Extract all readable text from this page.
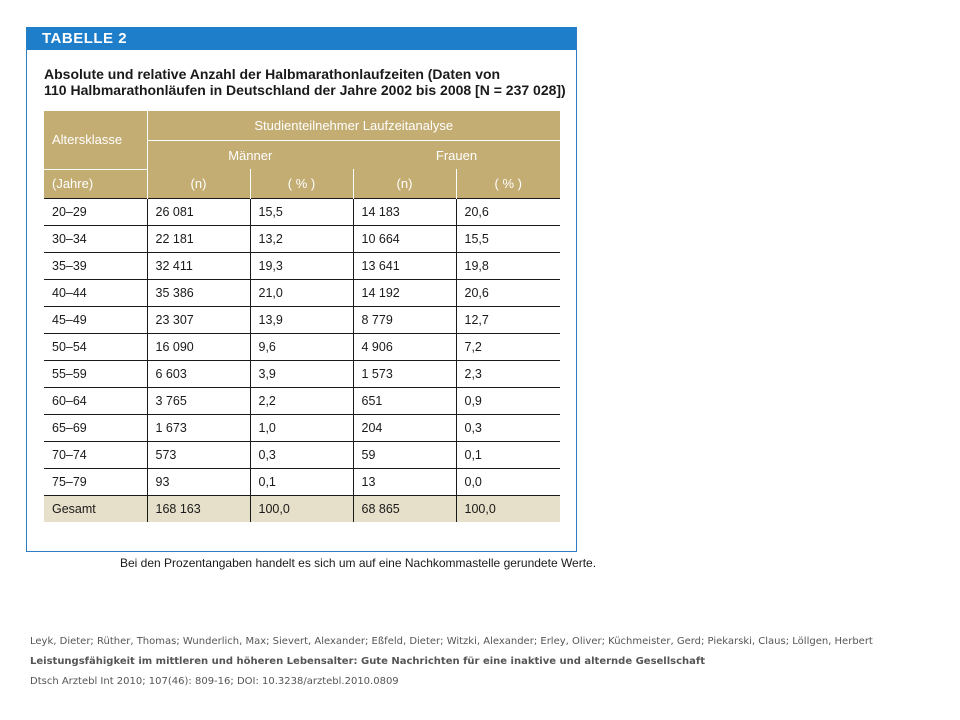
TABELLE 2
Absolute und relative Anzahl der Halbmarathonlaufzeiten (Daten von
110 Halbmarathonläufen in Deutschland der Jahre 2002 bis 2008 [N = 237 028])
Altersklasse	Studienteilnehmer Laufzeitanalyse			
	Männer		Frauen	
(Jahre)	(n)	( % )	(n)	( % )
20–29	26 081	15,5	14 183	20,6
30–34	22 181	13,2	10 664	15,5
35–39	32 411	19,3	13 641	19,8
40–44	35 386	21,0	14 192	20,6
45–49	23 307	13,9	8 779	12,7
50–54	16 090	9,6	4 906	7,2
55–59	6 603	3,9	1 573	2,3
60–64	3 765	2,2	651	0,9
65–69	1 673	1,0	204	0,3
70–74	573	0,3	59	0,1
75–79	93	0,1	13	0,0
Gesamt	168 163	100,0	68 865	100,0
Bei den Prozentangaben handelt es sich um auf eine Nachkommastelle gerundete Werte.
Leyk, Dieter; Rüther, Thomas; Wunderlich, Max; Sievert, Alexander; Eßfeld, Dieter; Witzki, Alexander; Erley, Oliver; Küchmeister, Gerd; Piekarski, Claus; Löllgen, Herbert
Leistungsfähigkeit im mittleren und höheren Lebensalter: Gute Nachrichten für eine inaktive und alternde Gesellschaft
Dtsch Arztebl Int 2010; 107(46): 809-16; DOI: 10.3238/arztebl.2010.0809
